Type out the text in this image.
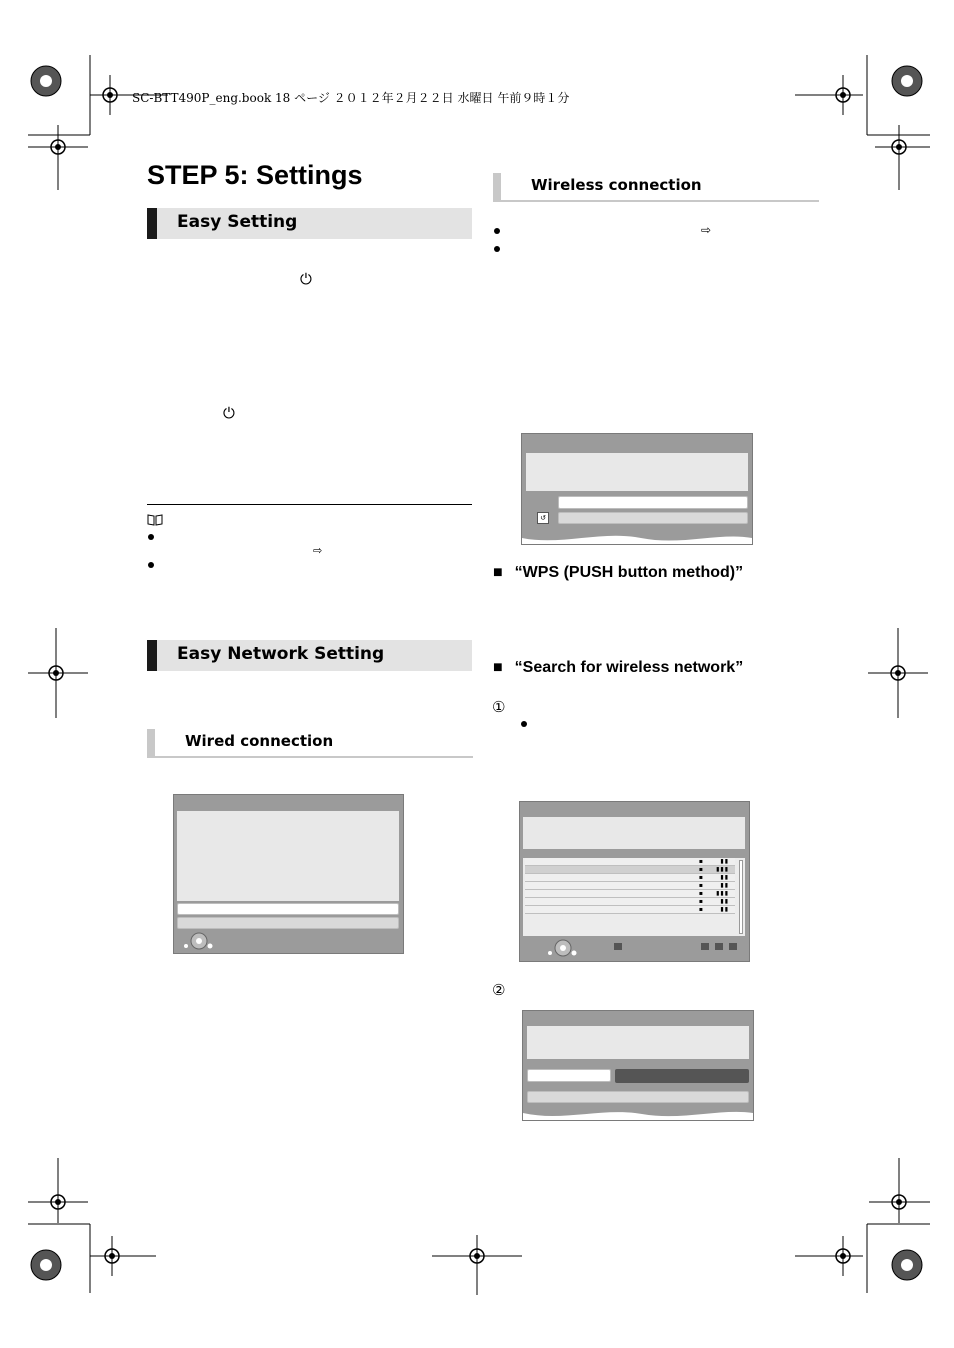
SC-BTT490P_eng.book 18 ページ ２０１２年２月２２日 水曜日 午前９時１分
STEP 5: Settings
Easy Setting
⏻
⏻
⇨
Easy Network Setting
Wired connection
Wireless connection
⇨
↺
■ “WPS (PUSH button method)”
■ “Search for wireless network”
①
▪	▮▮
▪ ▮▮▮
▪	▮▮
▪	▮▮
▪ ▮▮▮
▪	▮▮
▪	▮▮
②
